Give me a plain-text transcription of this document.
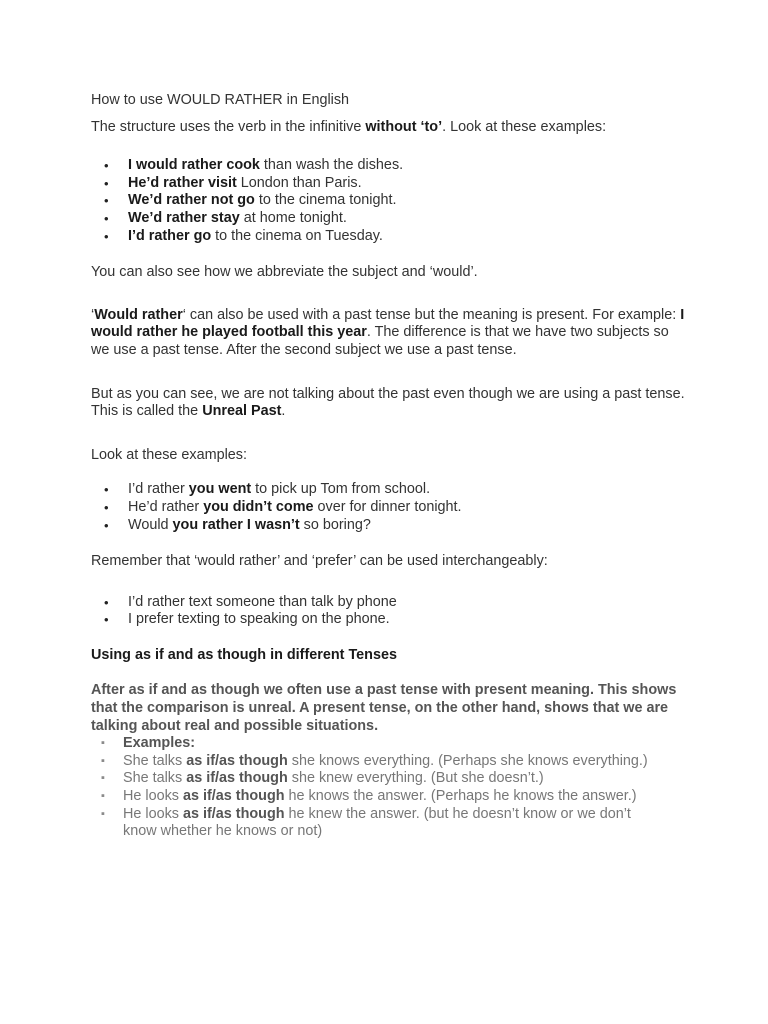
How to use WOULD RATHER in English

The structure uses the verb in the infinitive without ‘to’. Look at these examples:

• I would rather cook than wash the dishes.
• He’d rather visit London than Paris.
• We’d rather not go to the cinema tonight.
• We’d rather stay at home tonight.
• I’d rather go to the cinema on Tuesday.

You can also see how we abbreviate the subject and ‘would’.

‘Would rather‘ can also be used with a past tense but the meaning is present. For example: I would rather he played football this year. The difference is that we have two subjects so we use a past tense. After the second subject we use a past tense.

But as you can see, we are not talking about the past even though we are using a past tense. This is called the Unreal Past.

Look at these examples:

• I’d rather you went to pick up Tom from school.
• He’d rather you didn’t come over for dinner tonight.
• Would you rather I wasn’t so boring?

Remember that ‘would rather’ and ‘prefer’ can be used interchangeably:

• I’d rather text someone than talk by phone
• I prefer texting to speaking on the phone.

Using as if and as though in different Tenses

After as if and as though we often use a past tense with present meaning. This shows that the comparison is unreal. A present tense, on the other hand, shows that we are talking about real and possible situations.

▪ Examples:
▪ She talks as if/as though she knows everything. (Perhaps she knows everything.)
▪ She talks as if/as though she knew everything. (But she doesn’t.)
▪ He looks as if/as though he knows the answer. (Perhaps he knows the answer.)
▪ He looks as if/as though he knew the answer. (but he doesn’t know or we don’t know whether he knows or not)
